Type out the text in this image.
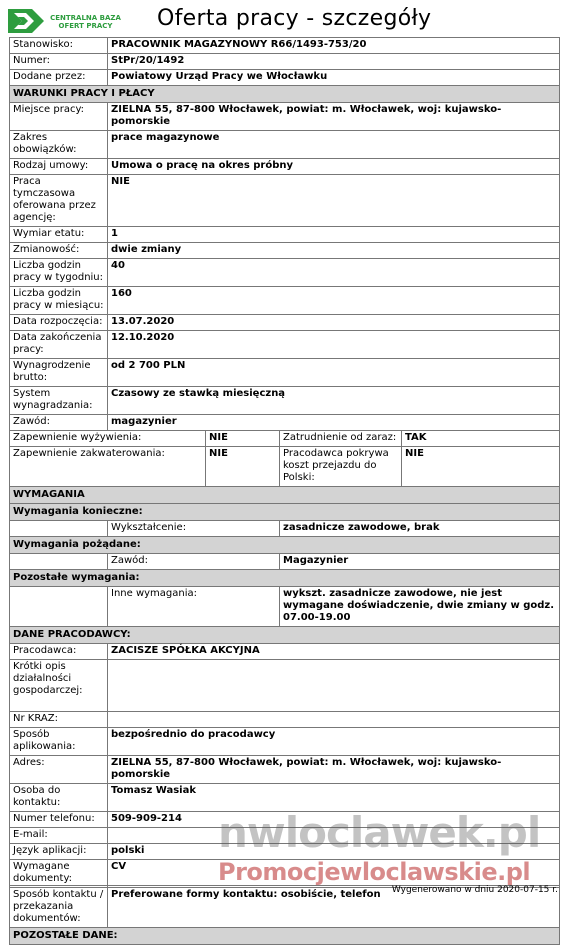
CENTRALNA BAZA
OFERT PRACY	Oferta pracy - szczegóły
Stanowisko:	PRACOWNIK MAGAZYNOWY R66/1493-753/20			
Numer:	StPr/20/1492			
Dodane przez:	Powiatowy Urząd Pracy we Włocławku			
WARUNKI PRACY I PŁACY				
Miejsce pracy:	ZIELNA 55, 87-800 Włocławek, powiat: m. Włocławek, woj: kujawsko-pomorskie			
Zakres obowiązków:	prace magazynowe			
Rodzaj umowy:	Umowa o pracę na okres próbny			
Praca tymczasowa oferowana przez agencję:	NIE			
Wymiar etatu:	1			
Zmianowość:	dwie zmiany			
Liczba godzin pracy w tygodniu:	40			
Liczba godzin pracy w miesiącu:	160			
Data rozpoczęcia:	13.07.2020			
Data zakończenia pracy:	12.10.2020			
Wynagrodzenie brutto:	od 2 700 PLN			
System wynagradzania:	Czasowy ze stawką miesięczną			
Zawód:	magazynier			
Zapewnienie wyżywienia:		NIE	Zatrudnienie od zaraz:	TAK
Zapewnienie zakwaterowania:		NIE	Pracodawca pokrywa koszt przejazdu do Polski:	NIE
WYMAGANIA				
Wymagania konieczne:				
	Wykształcenie:		zasadnicze zawodowe, brak	
Wymagania pożądane:				
	Zawód:		Magazynier	
Pozostałe wymagania:				
	Inne wymagania:		wykszt. zasadnicze zawodowe, nie jest wymagane doświadczenie, dwie zmiany w godz. 07.00-19.00	
DANE PRACODAWCY:				
Pracodawca:	ZACISZE SPÓŁKA AKCYJNA			
Krótki opis działalności gospodarczej:				
Nr KRAZ:				
Sposób aplikowania:	bezpośrednio do pracodawcy			
Adres:	ZIELNA 55, 87-800 Włocławek, powiat: m. Włocławek, woj: kujawsko-pomorskie			
Osoba do kontaktu:	Tomasz Wasiak			
Numer telefonu:	509-909-214			
E-mail:				
Język aplikacji:	polski			
Wymagane dokumenty:	CV			
Sposób kontaktu / przekazania dokumentów:	Preferowane formy kontaktu: osobiście, telefon			
POZOSTAŁE DANE:				
nwloclawek.pl
Promocjewloclawskie.pl
Wygenerowano w dniu 2020-07-15 r.
